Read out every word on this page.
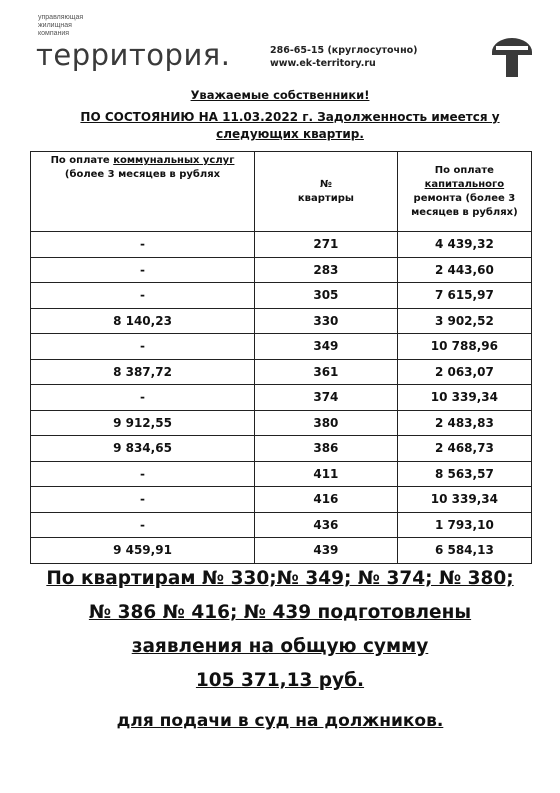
управляющая
жилищная
компания
территория.	286-65-15 (круглосуточно)
www.ek-territory.ru
Уважаемые собственники!
ПО СОСТОЯНИЮ НА 11.03.2022 г. Задолженность имеется у
следующих квартир.
По оплате коммунальных услуг
(более 3 месяцев в рублях	№
квартиры	По оплате
капитального
ремонта (более 3
месяцев в рублях)
-	271	4 439,32
-	283	2 443,60
-	305	7 615,97
8 140,23	330	3 902,52
-	349	10 788,96
8 387,72	361	2 063,07
-	374	10 339,34
9 912,55	380	2 483,83
9 834,65	386	2 468,73
-	411	8 563,57
-	416	10 339,34
-	436	1 793,10
9 459,91	439	6 584,13
По квартирам № 330;№ 349; № 374; № 380;
№ 386 № 416; № 439 подготовлены
заявления на общую сумму
105 371,13 руб.
для подачи в суд на должников.
